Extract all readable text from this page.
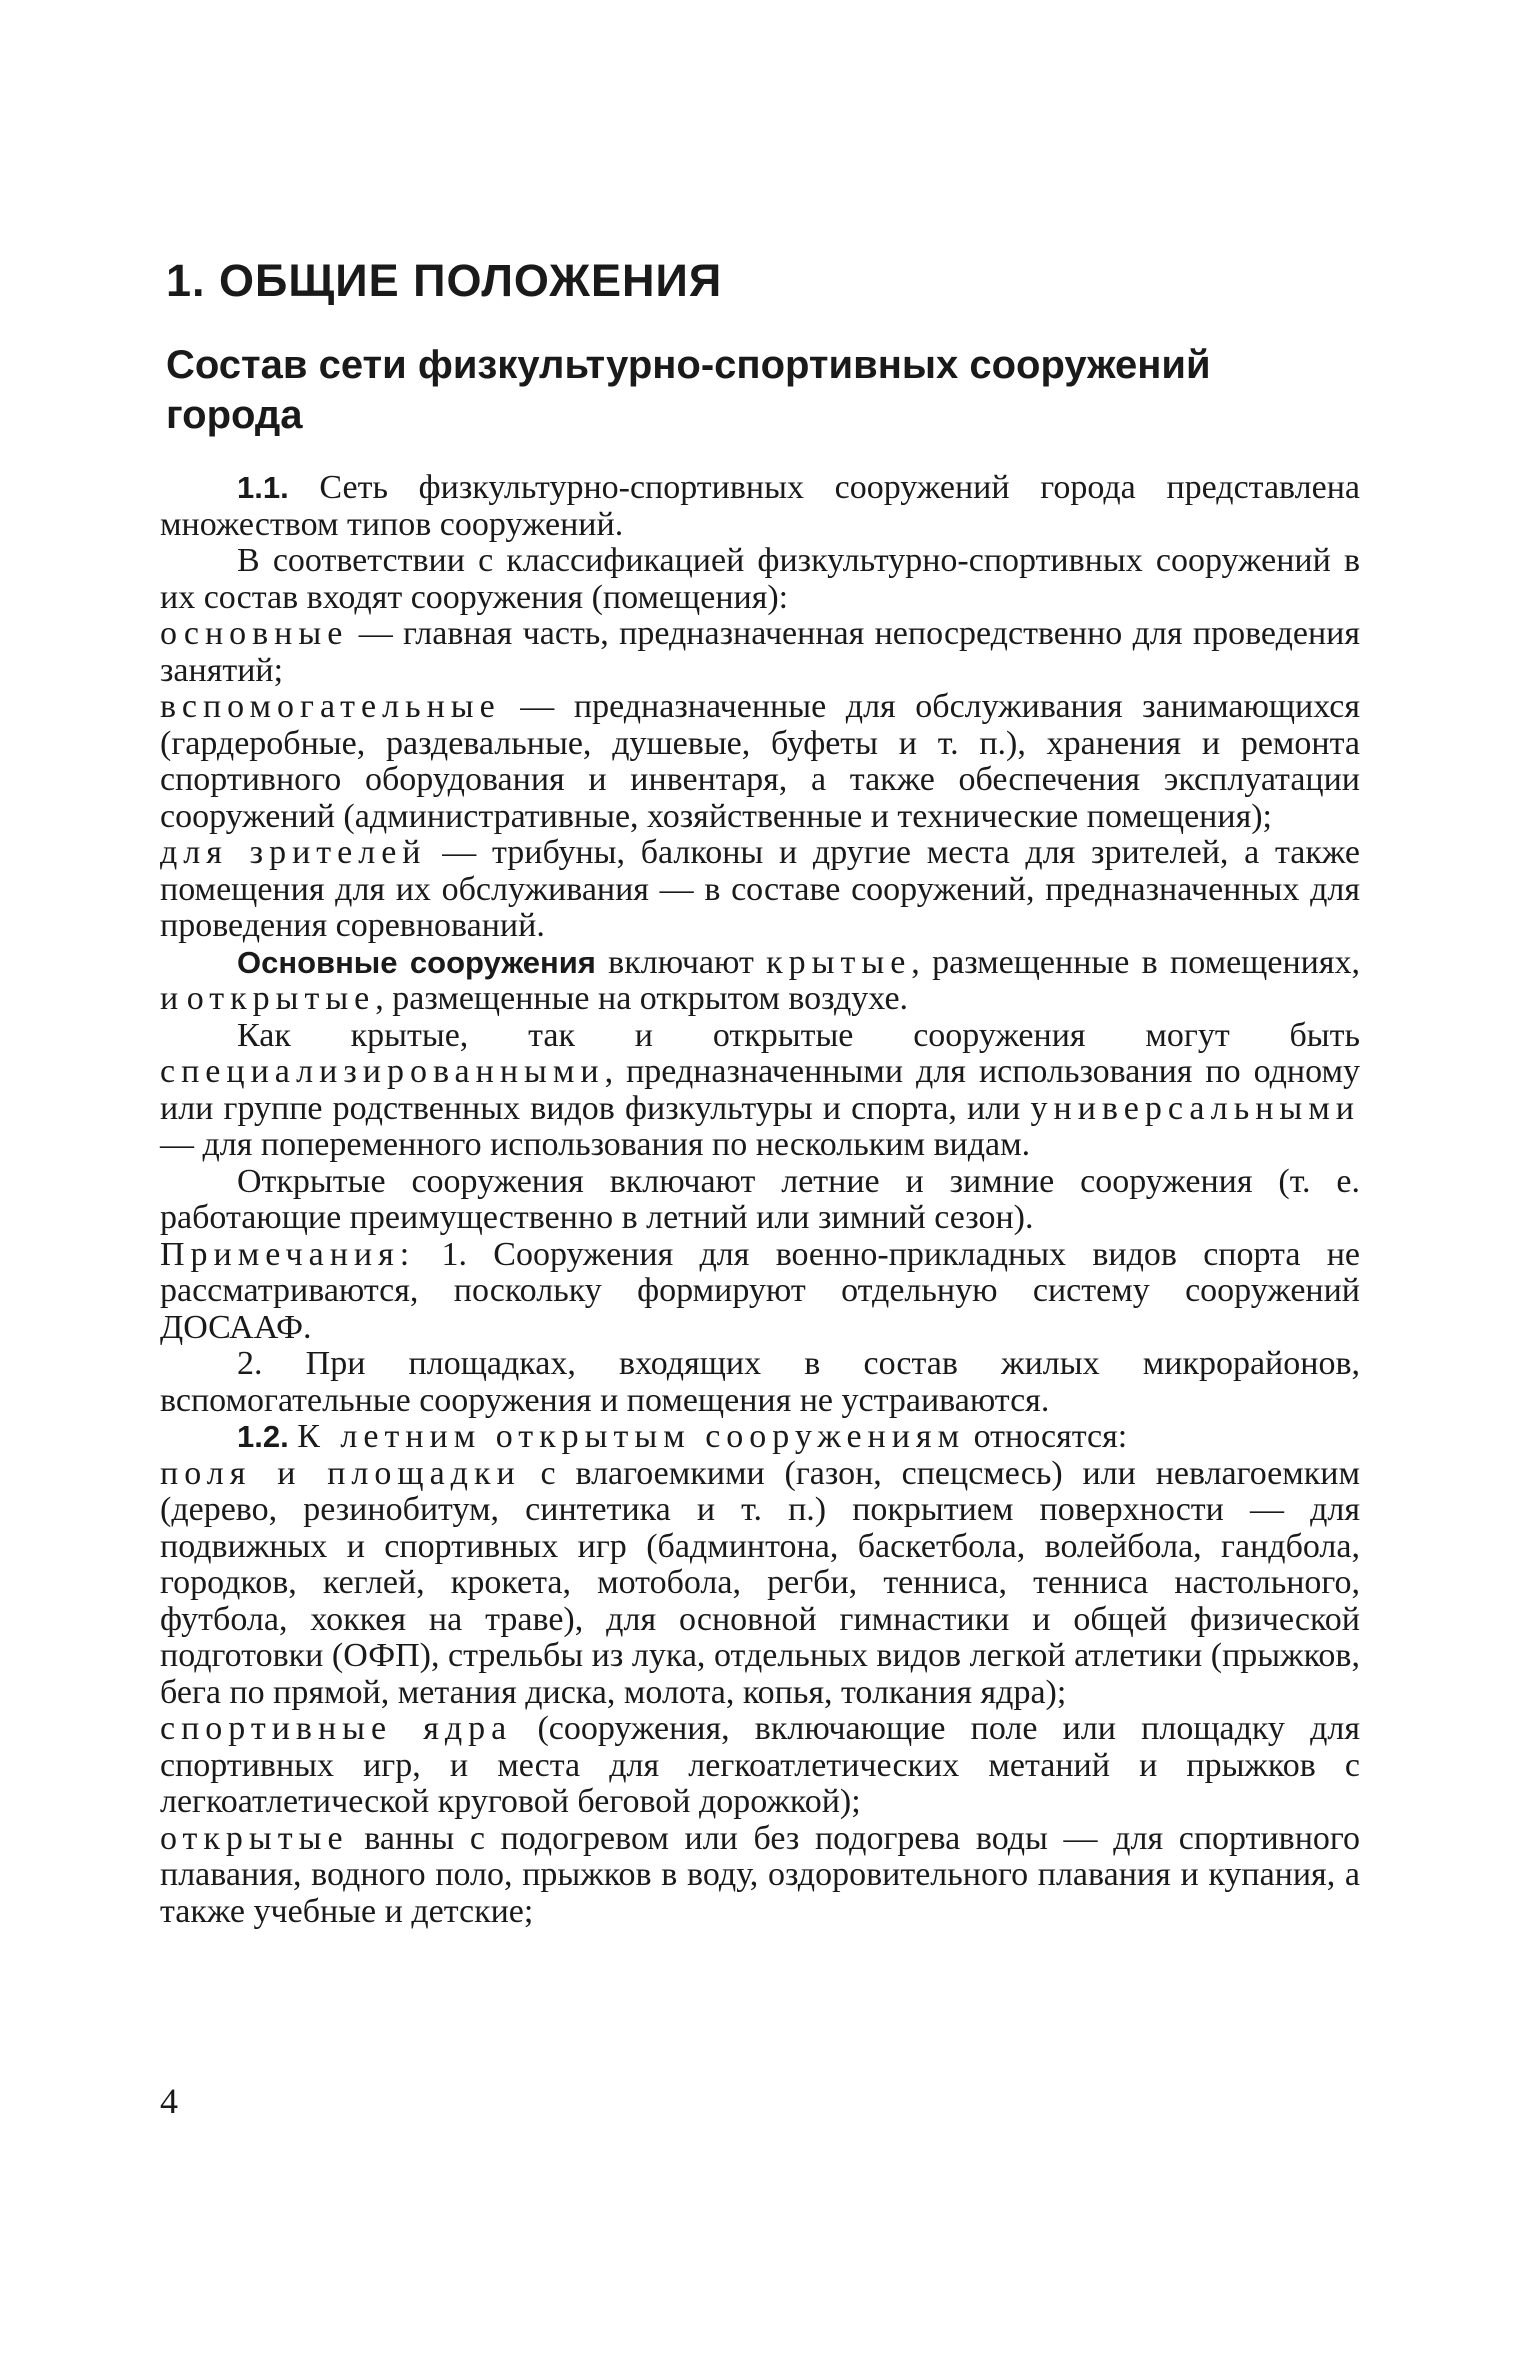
1. ОБЩИЕ ПОЛОЖЕНИЯ
Состав сети физкультурно-спортивных сооружений города

1.1. Сеть физкультурно-спортивных сооружений города представлена множеством типов сооружений.

В соответствии с классификацией физкультурно-спортивных сооружений в их состав входят сооружения (помещения):

основные — главная часть, предназначенная непосредственно для проведения занятий;

вспомогательные — предназначенные для обслуживания занимающихся (гардеробные, раздевальные, душевые, буфеты и т. п.), хранения и ремонта спортивного оборудования и инвентаря, а также обеспечения эксплуатации сооружений (административные, хозяйственные и технические помещения);

для зрителей — трибуны, балконы и другие места для зрителей, а также помещения для их обслуживания — в составе сооружений, предназначенных для проведения соревнований.

Основные сооружения включают крытые, размещенные в помещениях, и открытые, размещенные на открытом воздухе.

Как крытые, так и открытые сооружения могут быть специализированными, предназначенными для использования по одному или группе родственных видов физкультуры и спорта, или универсальными — для попеременного использования по нескольким видам.

Открытые сооружения включают летние и зимние сооружения (т. е. работающие преимущественно в летний или зимний сезон).

Примечания: 1. Сооружения для военно-прикладных видов спорта не рассматриваются, поскольку формируют отдельную систему сооружений ДОСААФ.

2. При площадках, входящих в состав жилых микрорайонов, вспомогательные сооружения и помещения не устраиваются.

1.2. К летним открытым сооружениям относятся:

поля и площадки с влагоемкими (газон, спецсмесь) или невлагоемким (дерево, резинобитум, синтетика и т. п.) покрытием поверхности — для подвижных и спортивных игр (бадминтона, баскетбола, волейбола, гандбола, городков, кеглей, крокета, мотобола, регби, тенниса, тенниса настольного, футбола, хоккея на траве), для основной гимнастики и общей физической подготовки (ОФП), стрельбы из лука, отдельных видов легкой атлетики (прыжков, бега по прямой, метания диска, молота, копья, толкания ядра);

спортивные ядра (сооружения, включающие поле или площадку для спортивных игр, и места для легкоатлетических метаний и прыжков с легкоатлетической круговой беговой дорожкой);

открытые ванны с подогревом или без подогрева воды — для спортивного плавания, водного поло, прыжков в воду, оздоровительного плавания и купания, а также учебные и детские;

4
